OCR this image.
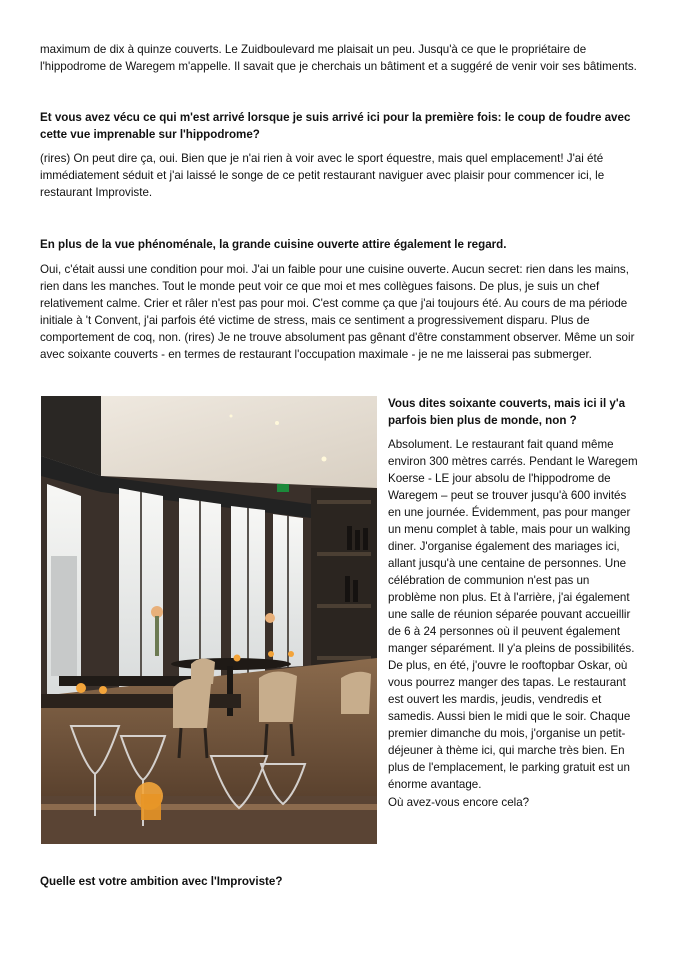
maximum de dix à quinze couverts. Le Zuidboulevard me plaisait un peu. Jusqu'à ce que le propriétaire de l'hippodrome de Waregem m'appelle. Il savait que je cherchais un bâtiment et a suggéré de venir voir ses bâtiments.

Et vous avez vécu ce qui m'est arrivé lorsque je suis arrivé ici pour la première fois: le coup de foudre avec cette vue imprenable sur l'hippodrome?

(rires) On peut dire ça, oui. Bien que je n'ai rien à voir avec le sport équestre, mais quel emplacement! J'ai été immédiatement séduit et j'ai laissé le songe de ce petit restaurant naviguer avec plaisir pour commencer ici, le restaurant Improviste.

En plus de la vue phénoménale, la grande cuisine ouverte attire également le regard.

Oui, c'était aussi une condition pour moi. J'ai un faible pour une cuisine ouverte. Aucun secret: rien dans les mains, rien dans les manches. Tout le monde peut voir ce que moi et mes collègues faisons. De plus, je suis un chef relativement calme. Crier et râler n'est pas pour moi. C'est comme ça que j'ai toujours été. Au cours de ma période initiale à 't Convent, j'ai parfois été victime de stress, mais ce sentiment a progressivement disparu. Plus de comportement de coq, non. (rires) Je ne trouve absolument pas gênant d'être constamment observer. Même un soir avec soixante couverts - en termes de restaurant l'occupation maximale - je ne me laisserai pas submerger.

Vous dites soixante couverts, mais ici il y'a parfois bien plus de monde, non ?

Absolument. Le restaurant fait quand même environ 300 mètres carrés. Pendant le Waregem Koerse - LE jour absolu de l'hippodrome de Waregem – peut se trouver jusqu'à 600 invités en une journée. Évidemment, pas pour manger un menu complet à table, mais pour un walking diner. J'organise également des mariages ici, allant jusqu'à une centaine de personnes. Une célébration de communion n'est pas un problème non plus. Et à l'arrière, j'ai également une salle de réunion séparée pouvant accueillir de 6 à 24 personnes où il peuvent également manger séparément. Il y'a pleins de possibilités. De plus, en été, j'ouvre le rooftopbar Oskar, où vous pourrez manger des tapas. Le restaurant est ouvert les mardis, jeudis, vendredis et samedis. Aussi bien le midi que le soir. Chaque premier dimanche du mois, j'organise un petit-déjeuner à thème ici, qui marche très bien. En plus de l'emplacement, le parking gratuit est un énorme avantage.

Où avez-vous encore cela?

Quelle est votre ambition avec l'Improviste?
